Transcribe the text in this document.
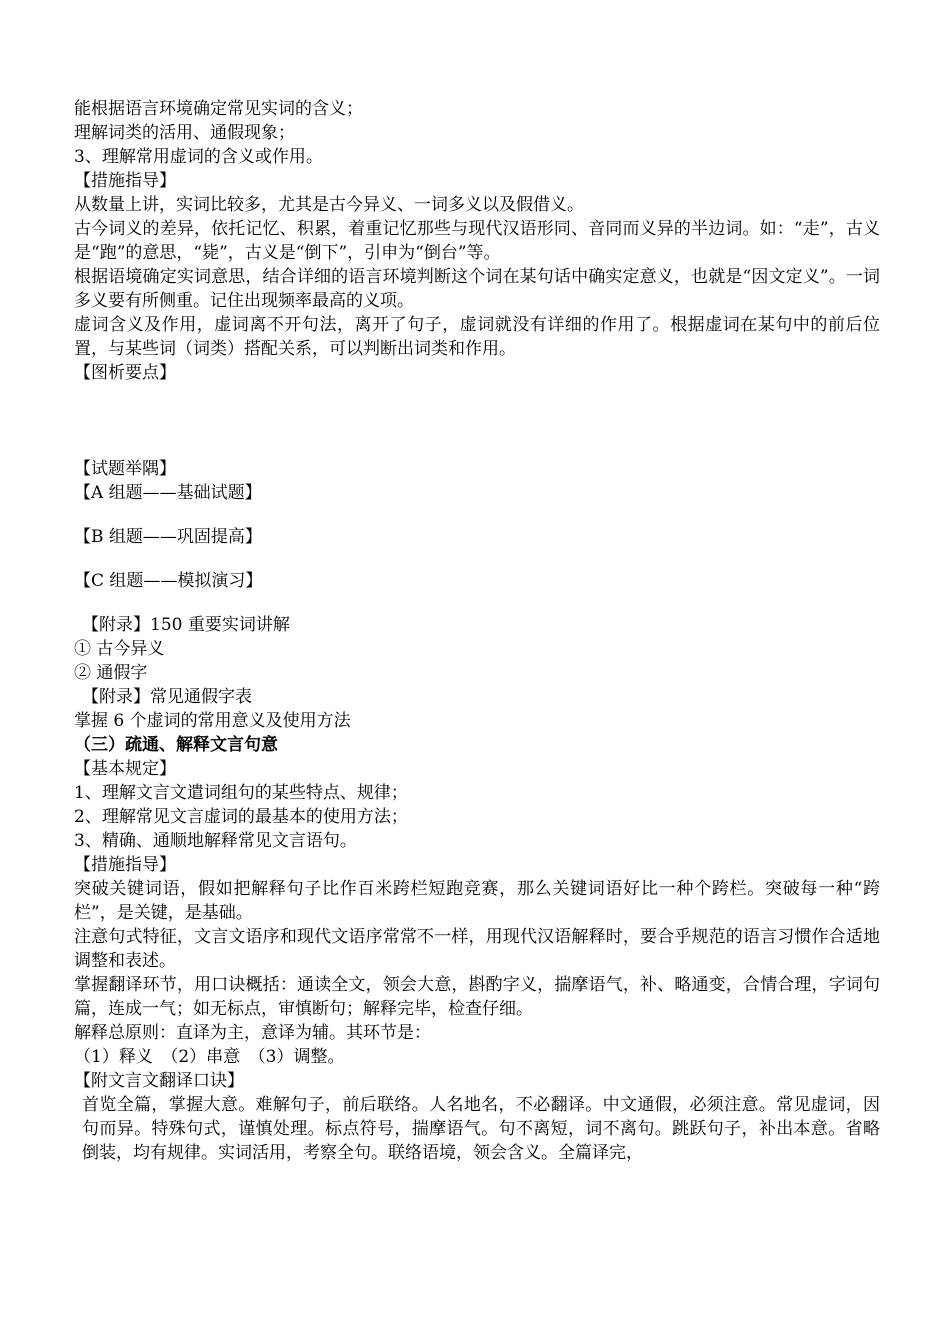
能根据语言环境确定常见实词的含义；
理解词类的活用、通假现象；
3、理解常用虚词的含义或作用。
【措施指导】
从数量上讲，实词比较多，尤其是古今异义、一词多义以及假借义。
古今词义的差异，依托记忆、积累，着重记忆那些与现代汉语形同、音同而义异的半边词。如：“走”，古义是“跑”的意思，“毙”，古义是“倒下”，引申为“倒台”等。
根据语境确定实词意思，结合详细的语言环境判断这个词在某句话中确实定意义，也就是“因文定义”。一词多义要有所侧重。记住出现频率最高的义项。
虚词含义及作用，虚词离不开句法，离开了句子，虚词就没有详细的作用了。根据虚词在某句中的前后位置，与某些词（词类）搭配关系，可以判断出词类和作用。
【图析要点】
【试题举隅】
【A 组题——基础试题】
【B 组题——巩固提高】
【C 组题——模拟演习】
【附录】150 重要实词讲解
① 古今异义
② 通假字
【附录】常见通假字表
掌握 6 个虚词的常用意义及使用方法
（三）疏通、解释文言句意
【基本规定】
1、理解文言文遣词组句的某些特点、规律；
2、理解常见文言虚词的最基本的使用方法；
3、精确、通顺地解释常见文言语句。
【措施指导】
突破关键词语，假如把解释句子比作百米跨栏短跑竞赛，那么关键词语好比一种个跨栏。突破每一种“跨栏”，是关键，是基础。
注意句式特征，文言文语序和现代文语序常常不一样，用现代汉语解释时，要合乎规范的语言习惯作合适地调整和表述。
掌握翻译环节，用口诀概括：通读全文，领会大意，斟酌字义，揣摩语气，补、略通变，合情合理，字词句篇，连成一气；如无标点，审慎断句；解释完毕，检查仔细。
解释总原则：直译为主，意译为辅。其环节是：
（1）释义　（2）串意　（3）调整。
【附文言文翻译口诀】
首览全篇，掌握大意。难解句子，前后联络。人名地名，不必翻译。中文通假，必须注意。常见虚词，因句而异。特殊句式，谨慎处理。标点符号，揣摩语气。句不离短，词不离句。跳跃句子，补出本意。省略倒装，均有规律。实词活用，考察全句。联络语境，领会含义。全篇译完，
